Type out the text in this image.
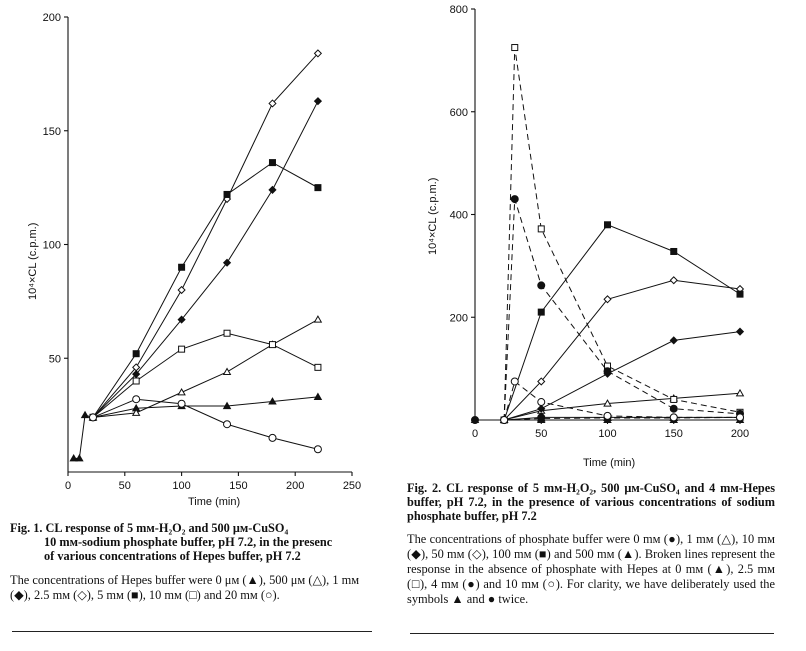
0	50	100	150	200	250
50
100
150
200
Time (min)
10⁴×CL (c.p.m.)
0	50	100	150	200
200
400
600
800
Time (min)
10⁴×CL (c.p.m.)
Fig. 1. CL response of 5 mᴍ-H₂O₂ and 500 μᴍ-CuSO₄
10 mᴍ-sodium phosphate buffer, pH 7.2, in the presenc
of various concentrations of Hepes buffer, pH 7.2
The concentrations of Hepes buffer were 0 μᴍ (▲), 500 μᴍ (△), 1 mᴍ (◆), 2.5 mᴍ (◇), 5 mᴍ (■), 10 mᴍ (□) and 20 mᴍ (○).
Fig. 2. CL response of 5 mᴍ-H₂O₂, 500 μᴍ-CuSO₄ and 4 mᴍ-Hepes buffer, pH 7.2, in the presence of various concentrations of sodium phosphate buffer, pH 7.2
The concentrations of phosphate buffer were 0 mᴍ (●), 1 mᴍ (△), 10 mᴍ (◆), 50 mᴍ (◇), 100 mᴍ (■) and 500 mᴍ (▲). Broken lines represent the response in the absence of phosphate with Hepes at 0 mᴍ (▲), 2.5 mᴍ (□), 4 mᴍ (●) and 10 mᴍ (○). For clarity, we have deliberately used the symbols ▲ and ● twice.
